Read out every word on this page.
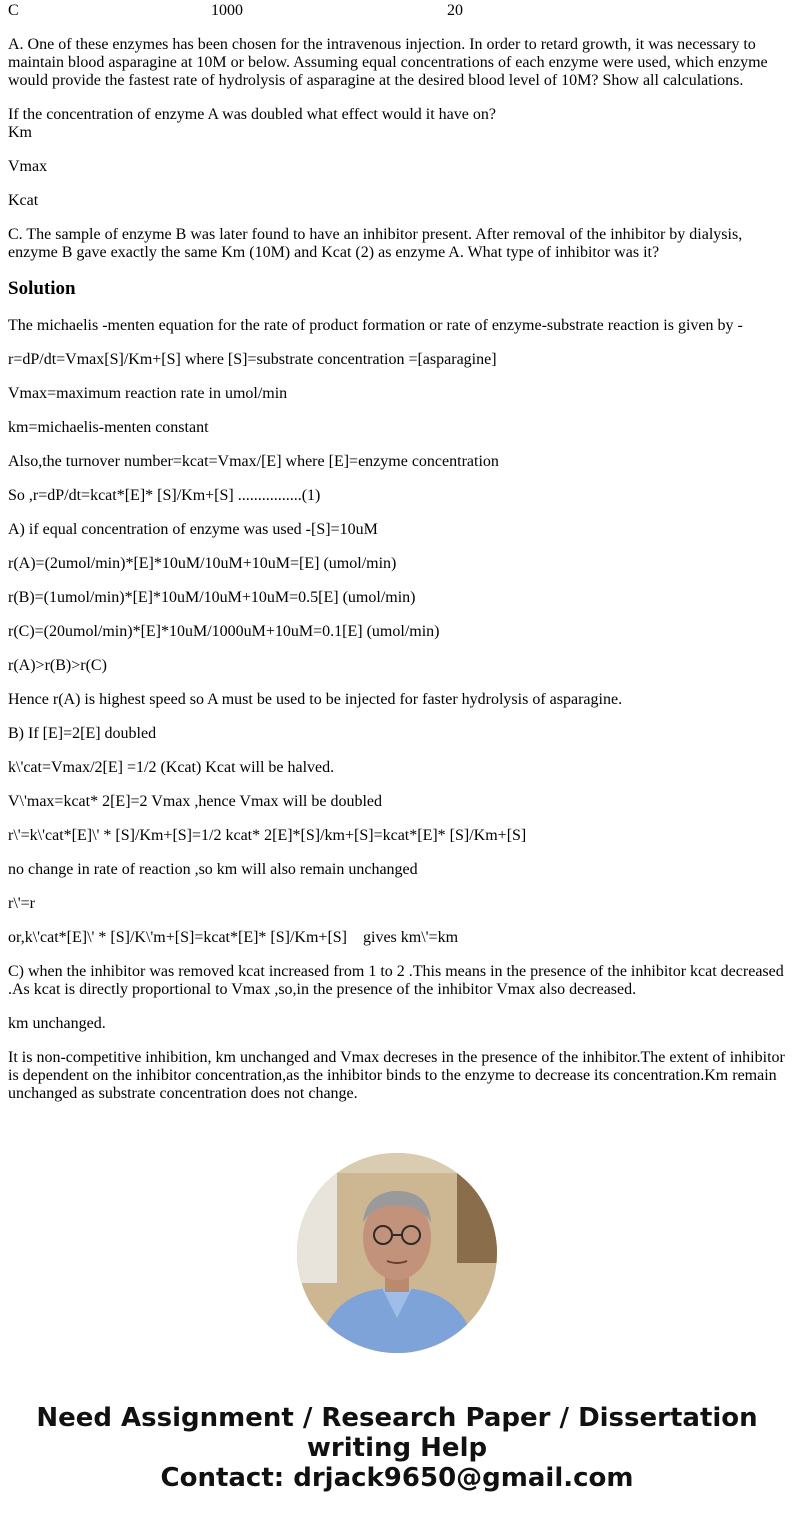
C	1000	20

A. One of these enzymes has been chosen for the intravenous injection. In order to retard growth, it was necessary to maintain blood asparagine at 10M or below. Assuming equal concentrations of each enzyme were used, which enzyme would provide the fastest rate of hydrolysis of asparagine at the desired blood level of 10M? Show all calculations.

If the concentration of enzyme A was doubled what effect would it have on?
Km

Vmax

Kcat

C. The sample of enzyme B was later found to have an inhibitor present. After removal of the inhibitor by dialysis, enzyme B gave exactly the same Km (10M) and Kcat (2) as enzyme A. What type of inhibitor was it?

Solution

The michaelis -menten equation for the rate of product formation or rate of enzyme-substrate reaction is given by -

r=dP/dt=Vmax[S]/Km+[S] where [S]=substrate concentration =[asparagine]

Vmax=maximum reaction rate in umol/min

km=michaelis-menten constant

Also,the turnover number=kcat=Vmax/[E] where [E]=enzyme concentration

So ,r=dP/dt=kcat*[E]* [S]/Km+[S] ................(1)

A) if equal concentration of enzyme was used -[S]=10uM

r(A)=(2umol/min)*[E]*10uM/10uM+10uM=[E] (umol/min)

r(B)=(1umol/min)*[E]*10uM/10uM+10uM=0.5[E] (umol/min)

r(C)=(20umol/min)*[E]*10uM/1000uM+10uM=0.1[E] (umol/min)

r(A)>r(B)>r(C)

Hence r(A) is highest speed so A must be used to be injected for faster hydrolysis of asparagine.

B) If [E]=2[E] doubled

k\'cat=Vmax/2[E] =1/2 (Kcat) Kcat will be halved.

V\'max=kcat* 2[E]=2 Vmax ,hence Vmax will be doubled

r\'=k\'cat*[E]\' * [S]/Km+[S]=1/2 kcat* 2[E]*[S]/km+[S]=kcat*[E]* [S]/Km+[S]

no change in rate of reaction ,so km will also remain unchanged

r\'=r

or,k\'cat*[E]\' * [S]/K\'m+[S]=kcat*[E]* [S]/Km+[S]    gives km\'=km

C) when the inhibitor was removed kcat increased from 1 to 2 .This means in the presence of the inhibitor kcat decreased .As kcat is directly proportional to Vmax ,so,in the presence of the inhibitor Vmax also decreased.

km unchanged.

It is non-competitive inhibition, km unchanged and Vmax decreses in the presence of the inhibitor.The extent of inhibitor is dependent on the inhibitor concentration,as the inhibitor binds to the enzyme to decrease its concentration.Km remain unchanged as substrate concentration does not change.

Need Assignment / Research Paper / Dissertation
writing Help
Contact: drjack9650@gmail.com
